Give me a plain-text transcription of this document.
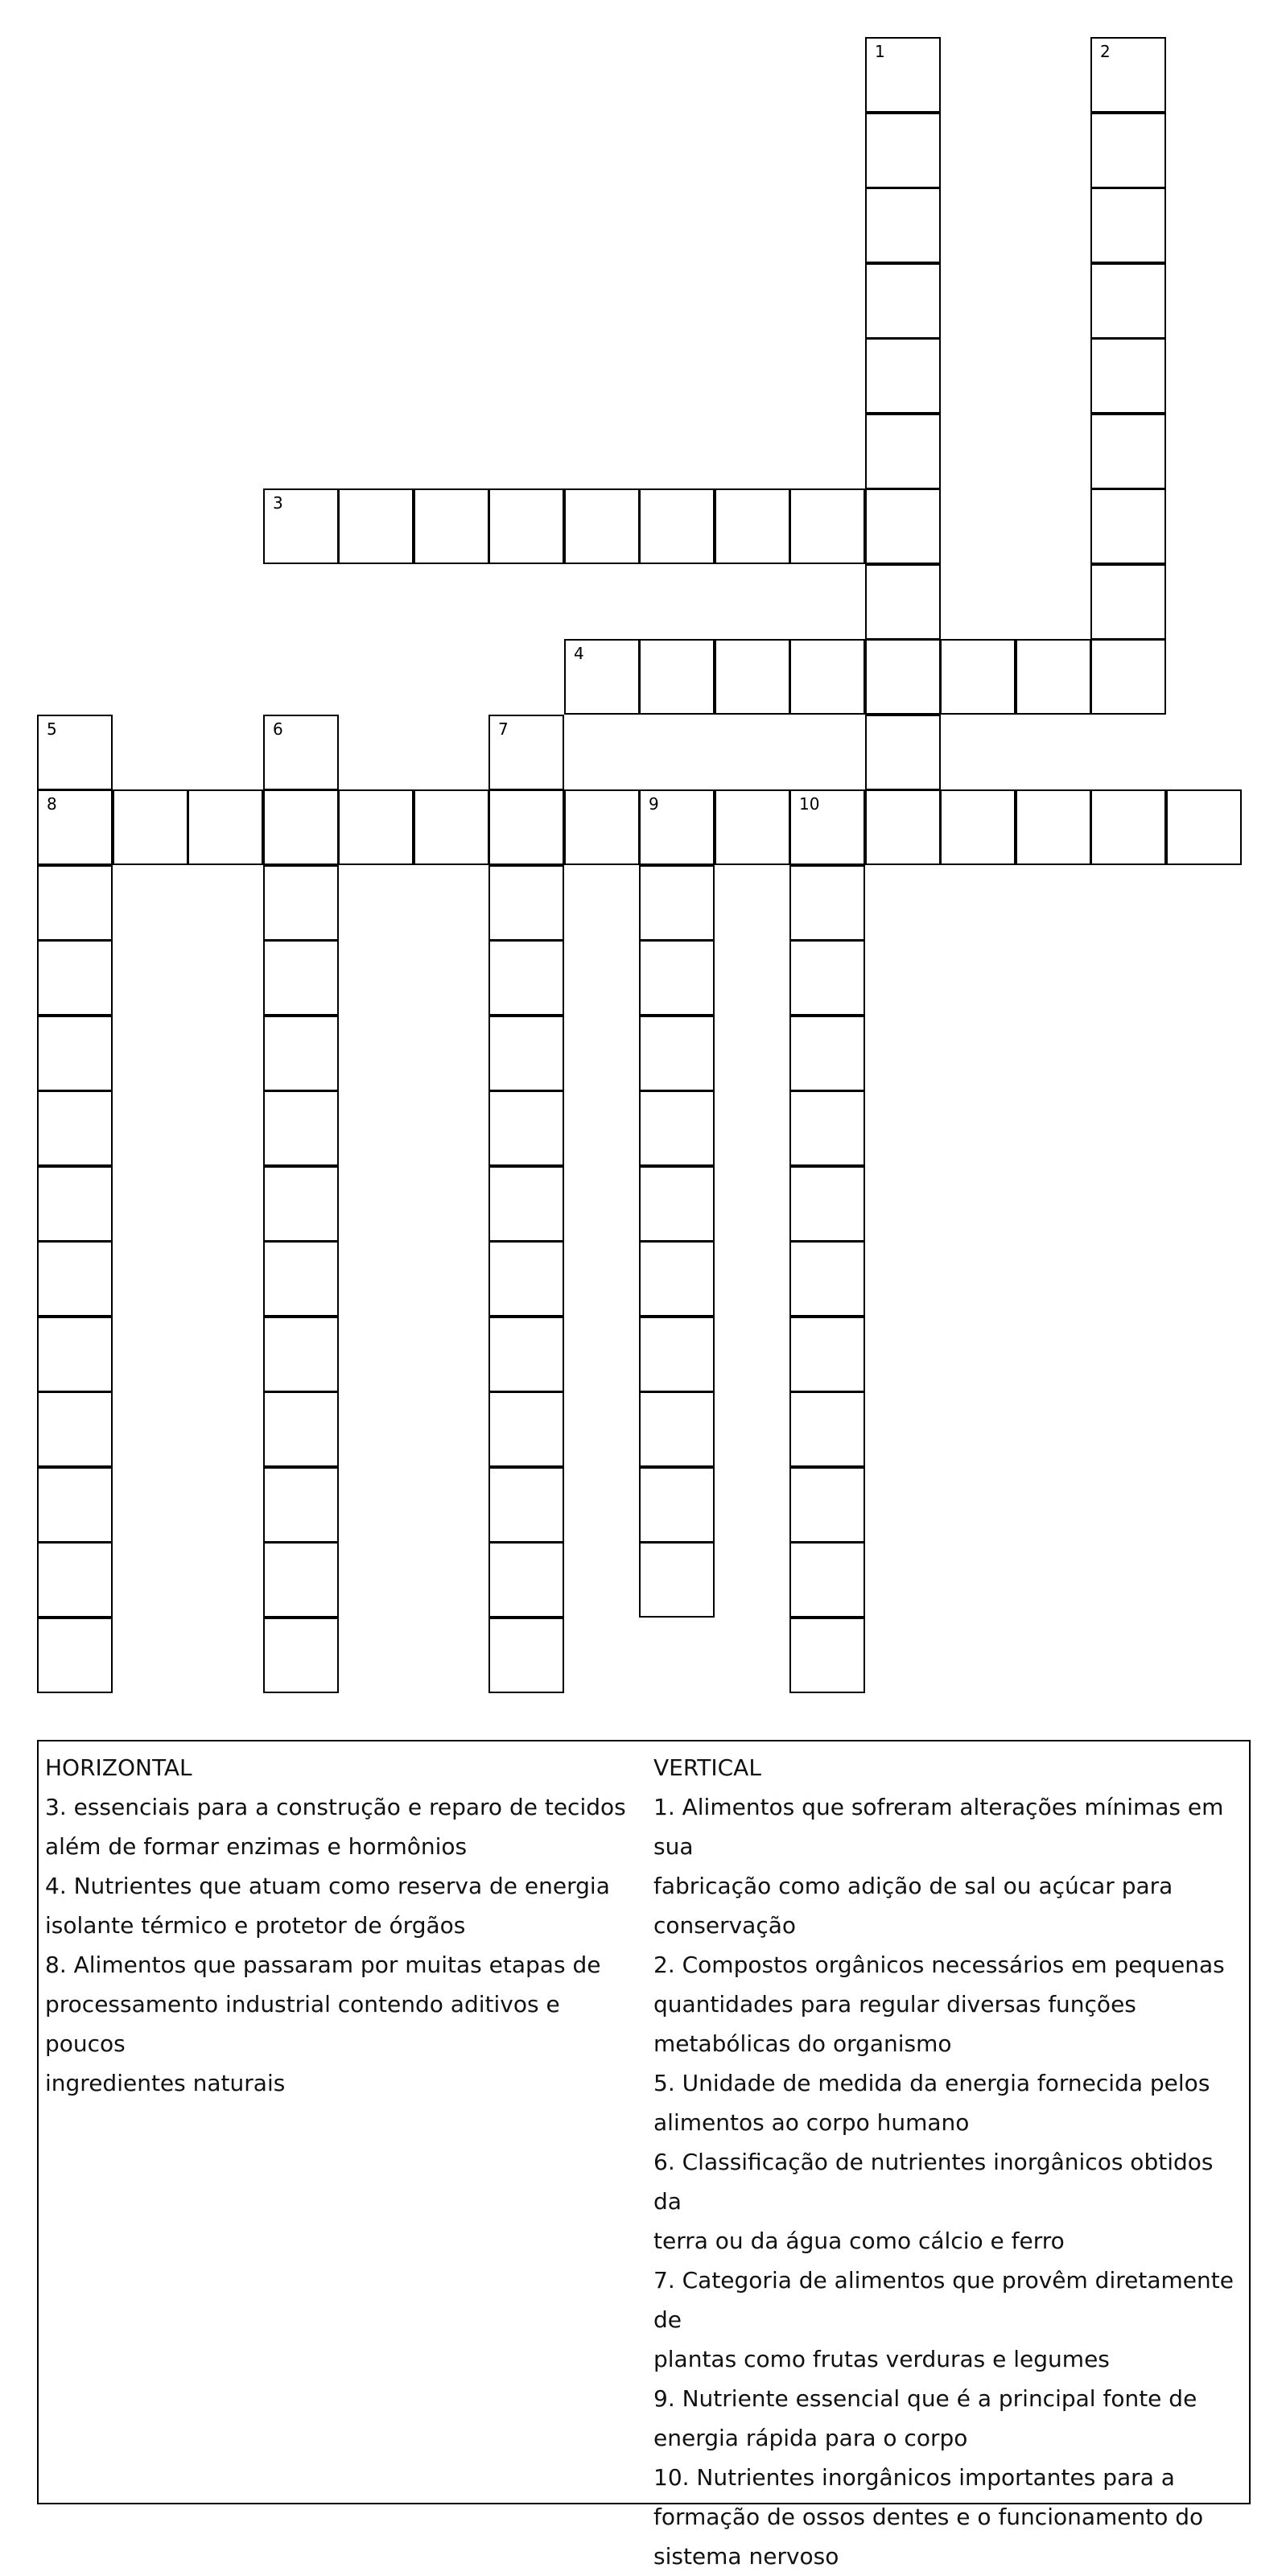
1	2
3
4
5
8
6	7
9	10

HORIZONTAL

3. essenciais para a construção e reparo de tecidos

além de formar enzimas e hormônios

4. Nutrientes que atuam como reserva de energia

isolante térmico e protetor de órgãos

8. Alimentos que passaram por muitas etapas de

processamento industrial contendo aditivos e poucos

ingredientes naturais

VERTICAL

1. Alimentos que sofreram alterações mínimas em sua

fabricação como adição de sal ou açúcar para

conservação

2. Compostos orgânicos necessários em pequenas

quantidades para regular diversas funções

metabólicas do organismo

5. Unidade de medida da energia fornecida pelos

alimentos ao corpo humano

6. Classificação de nutrientes inorgânicos obtidos da

terra ou da água como cálcio e ferro

7. Categoria de alimentos que provêm diretamente de

plantas como frutas verduras e legumes

9. Nutriente essencial que é a principal fonte de

energia rápida para o corpo

10. Nutrientes inorgânicos importantes para a

formação de ossos dentes e o funcionamento do

sistema nervoso
